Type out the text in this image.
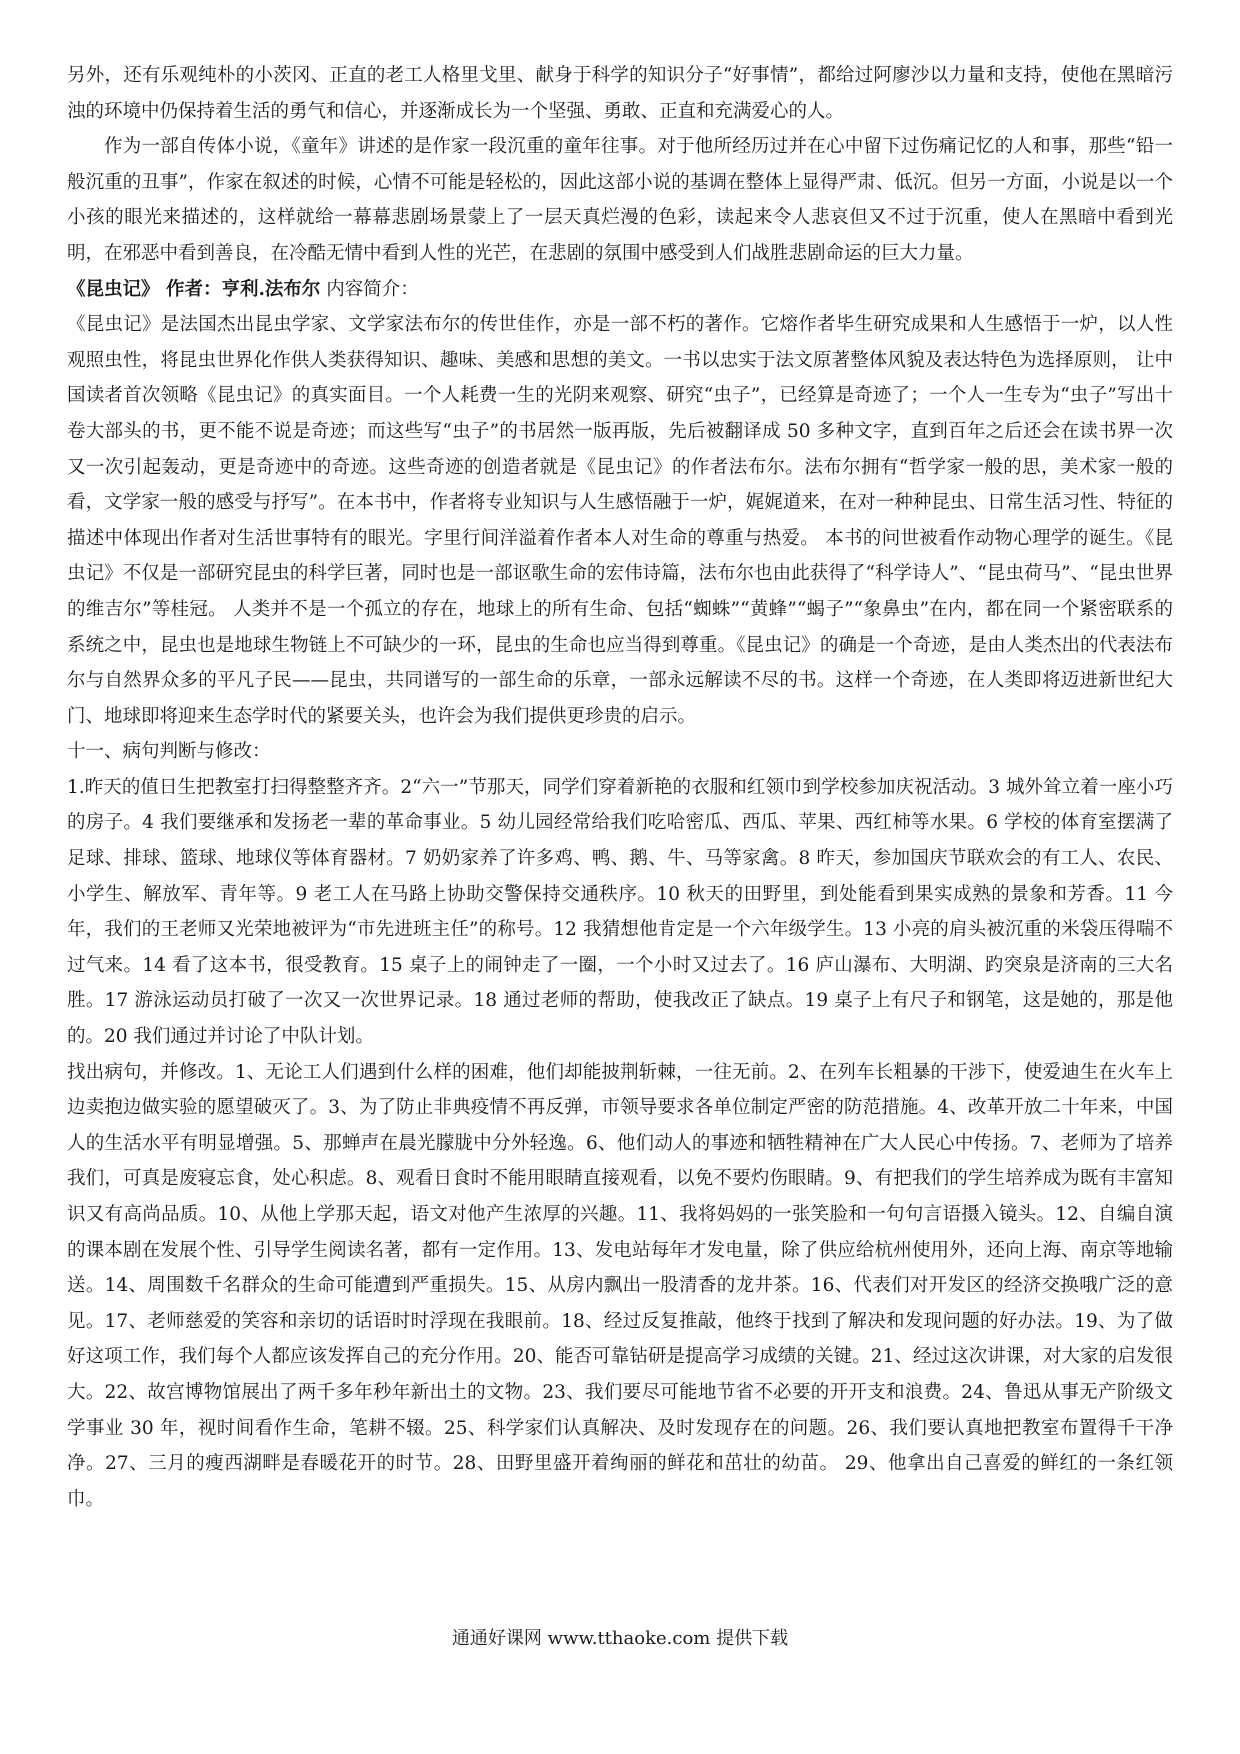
另外，还有乐观纯朴的小茨冈、正直的老工人格里戈里、献身于科学的知识分子“好事情”，都给过阿廖沙以力量和支持，使他在黑暗污浊的环境中仍保持着生活的勇气和信心，并逐渐成长为一个坚强、勇敢、正直和充满爱心的人。

作为一部自传体小说，《童年》讲述的是作家一段沉重的童年往事。对于他所经历过并在心中留下过伤痛记忆的人和事，那些“铅一般沉重的丑事”，作家在叙述的时候，心情不可能是轻松的，因此这部小说的基调在整体上显得严肃、低沉。但另一方面，小说是以一个小孩的眼光来描述的，这样就给一幕幕悲剧场景蒙上了一层天真烂漫的色彩，读起来令人悲哀但又不过于沉重，使人在黑暗中看到光明，在邪恶中看到善良，在冷酷无情中看到人性的光芒，在悲剧的氛围中感受到人们战胜悲剧命运的巨大力量。

《昆虫记》 作者：亨利.法布尔 内容简介：

《昆虫记》是法国杰出昆虫学家、文学家法布尔的传世佳作，亦是一部不朽的著作。它熔作者毕生研究成果和人生感悟于一炉，以人性观照虫性，将昆虫世界化作供人类获得知识、趣味、美感和思想的美文。一书以忠实于法文原著整体风貌及表达特色为选择原则， 让中国读者首次领略《昆虫记》的真实面目。一个人耗费一生的光阴来观察、研究“虫子”，已经算是奇迹了；一个人一生专为“虫子”写出十卷大部头的书，更不能不说是奇迹；而这些写“虫子”的书居然一版再版，先后被翻译成 50 多种文字，直到百年之后还会在读书界一次又一次引起轰动，更是奇迹中的奇迹。这些奇迹的创造者就是《昆虫记》的作者法布尔。法布尔拥有“哲学家一般的思，美术家一般的看，文学家一般的感受与抒写”。在本书中，作者将专业知识与人生感悟融于一炉，娓娓道来，在对一种种昆虫、日常生活习性、特征的描述中体现出作者对生活世事特有的眼光。字里行间洋溢着作者本人对生命的尊重与热爱。 本书的问世被看作动物心理学的诞生。《昆虫记》不仅是一部研究昆虫的科学巨著，同时也是一部讴歌生命的宏伟诗篇，法布尔也由此获得了“科学诗人”、“昆虫荷马”、“昆虫世界的维吉尔”等桂冠。 人类并不是一个孤立的存在，地球上的所有生命、包括“蜘蛛”“黄蜂”“蝎子”“象鼻虫”在内，都在同一个紧密联系的系统之中，昆虫也是地球生物链上不可缺少的一环，昆虫的生命也应当得到尊重。《昆虫记》的确是一个奇迹，是由人类杰出的代表法布尔与自然界众多的平凡子民——昆虫，共同谱写的一部生命的乐章，一部永远解读不尽的书。这样一个奇迹，在人类即将迈进新世纪大门、地球即将迎来生态学时代的紧要关头，也许会为我们提供更珍贵的启示。

十一、病句判断与修改：

1.昨天的值日生把教室打扫得整整齐齐。2“六一”节那天，同学们穿着新艳的衣服和红领巾到学校参加庆祝活动。3 城外耸立着一座小巧的房子。4 我们要继承和发扬老一辈的革命事业。5 幼儿园经常给我们吃哈密瓜、西瓜、苹果、西红柿等水果。6 学校的体育室摆满了足球、排球、篮球、地球仪等体育器材。7 奶奶家养了许多鸡、鸭、鹅、牛、马等家禽。8 昨天，参加国庆节联欢会的有工人、农民、小学生、解放军、青年等。9 老工人在马路上协助交警保持交通秩序。10 秋天的田野里，到处能看到果实成熟的景象和芳香。11 今年，我们的王老师又光荣地被评为“市先进班主任”的称号。12 我猜想他肯定是一个六年级学生。13 小亮的肩头被沉重的米袋压得喘不过气来。14 看了这本书，很受教育。15 桌子上的闹钟走了一圈，一个小时又过去了。16 庐山瀑布、大明湖、趵突泉是济南的三大名胜。17 游泳运动员打破了一次又一次世界记录。18 通过老师的帮助，使我改正了缺点。19 桌子上有尺子和钢笔，这是她的，那是他的。20 我们通过并讨论了中队计划。

找出病句，并修改。1、无论工人们遇到什么样的困难，他们却能披荆斩棘，一往无前。2、在列车长粗暴的干涉下，使爱迪生在火车上边卖抱边做实验的愿望破灭了。3、为了防止非典疫情不再反弹，市领导要求各单位制定严密的防范措施。4、改革开放二十年来，中国人的生活水平有明显增强。5、那蝉声在晨光朦胧中分外轻逸。6、他们动人的事迹和牺牲精神在广大人民心中传扬。7、老师为了培养我们，可真是废寝忘食，处心积虑。8、观看日食时不能用眼睛直接观看，以免不要灼伤眼睛。9、有把我们的学生培养成为既有丰富知识又有高尚品质。10、从他上学那天起，语文对他产生浓厚的兴趣。11、我将妈妈的一张笑脸和一句句言语摄入镜头。12、自编自演的课本剧在发展个性、引导学生阅读名著，都有一定作用。13、发电站每年才发电量，除了供应给杭州使用外，还向上海、南京等地输送。14、周围数千名群众的生命可能遭到严重损失。15、从房内飘出一股清香的龙井茶。16、代表们对开发区的经济交换哦广泛的意见。17、老师慈爱的笑容和亲切的话语时时浮现在我眼前。18、经过反复推敲，他终于找到了解决和发现问题的好办法。19、为了做好这项工作，我们每个人都应该发挥自己的充分作用。20、能否可靠钻研是提高学习成绩的关键。21、经过这次讲课，对大家的启发很大。22、故宫博物馆展出了两千多年秒年新出土的文物。23、我们要尽可能地节省不必要的开开支和浪费。24、鲁迅从事无产阶级文学事业 30 年，视时间看作生命，笔耕不辍。25、科学家们认真解决、及时发现存在的问题。26、我们要认真地把教室布置得千干净净。27、三月的瘦西湖畔是春暖花开的时节。28、田野里盛开着绚丽的鲜花和茁壮的幼苗。 29、他拿出自己喜爱的鲜红的一条红领巾。

通通好课网 www.tthaoke.com 提供下载
